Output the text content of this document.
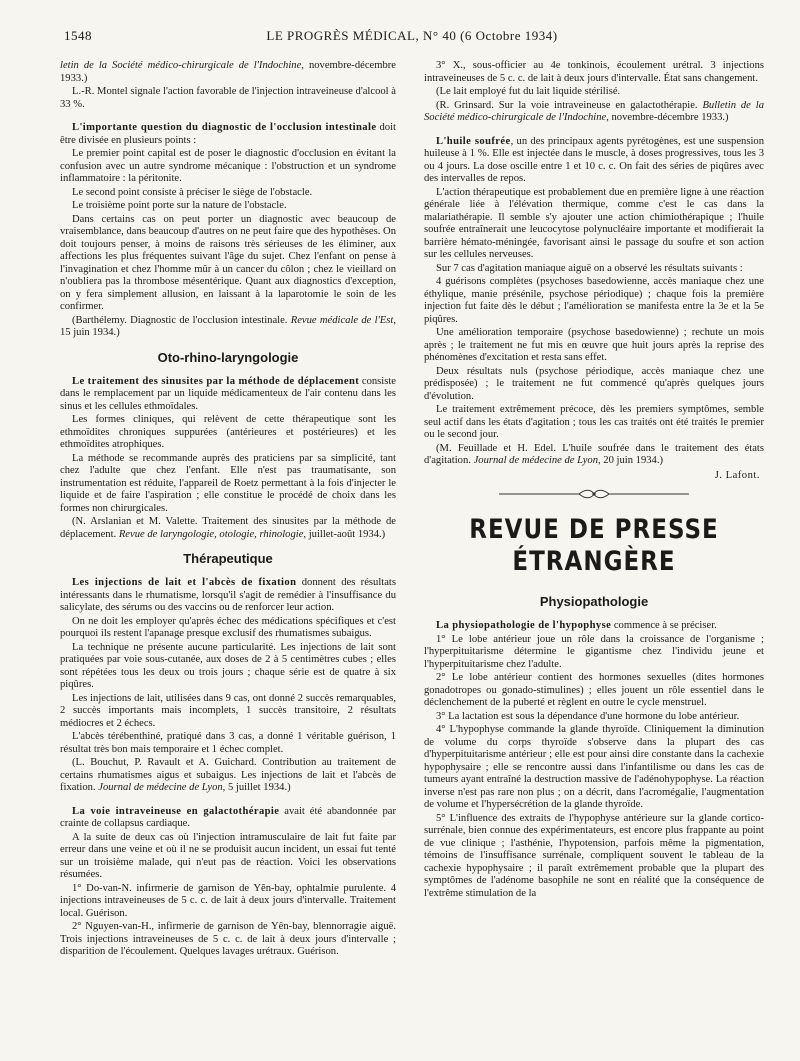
1548	LE PROGRÈS MÉDICAL, N° 40 (6 Octobre 1934)

letin de la Société médico-chirurgicale de l'Indochine, novembre-décembre 1933.)

L.-R. Montel signale l'action favorable de l'injection intraveineuse d'alcool à 33 %.

L'importante question du diagnostic de l'occlusion intestinale doit être divisée en plusieurs points :

Le premier point capital est de poser le diagnostic d'occlusion en évitant la confusion avec un autre syndrome mécanique : l'obstruction et un syndrome inflammatoire : la péritonite.

Le second point consiste à préciser le siège de l'obstacle.

Le troisième point porte sur la nature de l'obstacle.

Dans certains cas on peut porter un diagnostic avec beaucoup de vraisemblance, dans beaucoup d'autres on ne peut faire que des hypothèses. On doit toujours penser, à moins de raisons très sérieuses de les éliminer, aux affections les plus fréquentes suivant l'âge du sujet. Chez l'enfant on pense à l'invagination et chez l'homme mûr à un cancer du côlon ; chez le vieillard on n'oubliera pas la thrombose mésentérique. Quant aux diagnostics d'exception, on y fera simplement allusion, en laissant à la laparotomie le soin de les confirmer.

(Barthélemy. Diagnostic de l'occlusion intestinale. Revue médicale de l'Est, 15 juin 1934.)

Oto-rhino-laryngologie

Le traitement des sinusites par la méthode de déplacement consiste dans le remplacement par un liquide médicamenteux de l'air contenu dans les sinus et les cellules ethmoïdales.

Les formes cliniques, qui relèvent de cette thérapeutique sont les ethmoïdites chroniques suppurées (antérieures et postérieures) et les ethmoïdites atrophiques.

La méthode se recommande auprès des praticiens par sa simplicité, tant chez l'adulte que chez l'enfant. Elle n'est pas traumatisante, son instrumentation est réduite, l'appareil de Roetz permettant à la fois d'injecter le liquide et de faire l'aspiration ; elle constitue le procédé de choix dans les formes non chirurgicales.

(N. Arslanian et M. Valette. Traitement des sinusites par la méthode de déplacement. Revue de laryngologie, otologie, rhinologie, juillet-août 1934.)

Thérapeutique

Les injections de lait et l'abcès de fixation donnent des résultats intéressants dans le rhumatisme, lorsqu'il s'agit de remédier à l'insuffisance du salicylate, des sérums ou des vaccins ou de renforcer leur action.

On ne doit les employer qu'après échec des médications spécifiques et c'est pourquoi ils restent l'apanage presque exclusif des rhumatismes subaigus.

La technique ne présente aucune particularité. Les injections de lait sont pratiquées par voie sous-cutanée, aux doses de 2 à 5 centimètres cubes ; elles sont répétées tous les deux ou trois jours ; chaque série est de quatre à six piqûres.

Les injections de lait, utilisées dans 9 cas, ont donné 2 succès remarquables, 2 succès importants mais incomplets, 1 succès transitoire, 2 résultats médiocres et 2 échecs.

L'abcès térébenthiné, pratiqué dans 3 cas, a donné 1 véritable guérison, 1 résultat très bon mais temporaire et 1 échec complet.

(L. Bouchut, P. Ravault et A. Guichard. Contribution au traitement de certains rhumatismes aigus et subaigus. Les injections de lait et l'abcès de fixation. Journal de médecine de Lyon, 5 juillet 1934.)

La voie intraveineuse en galactothérapie avait été abandonnée par crainte de collapsus cardiaque.

A la suite de deux cas où l'injection intramusculaire de lait fut faite par erreur dans une veine et où il ne se produisit aucun incident, un essai fut tenté sur un troisième malade, qui n'eut pas de réaction. Voici les observations résumées.

1° Do-van-N. infirmerie de garnison de Yên-bay, ophtalmie purulente. 4 injections intraveineuses de 5 c. c. de lait à deux jours d'intervalle. Traitement local. Guérison.

2° Nguyen-van-H., infirmerie de garnison de Yên-bay, blennorragie aiguë. Trois injections intraveineuses de 5 c. c. de lait à deux jours d'intervalle ; disparition de l'écoulement. Quelques lavages urétraux. Guérison.

3° X., sous-officier au 4e tonkinois, écoulement urétral. 3 injections intraveineuses de 5 c. c. de lait à deux jours d'intervalle. État sans changement.

(Le lait employé fut du lait liquide stérilisé.

(R. Grinsard. Sur la voie intraveineuse en galactothérapie. Bulletin de la Société médico-chirurgicale de l'Indochine, novembre-décembre 1933.)

L'huile soufrée, un des principaux agents pyrétogènes, est une suspension huileuse à 1 %. Elle est injectée dans le muscle, à doses progressives, tous les 3 ou 4 jours. La dose oscille entre 1 et 10 c. c. On fait des séries de piqûres avec des intervalles de repos.

L'action thérapeutique est probablement due en première ligne à une réaction générale liée à l'élévation thermique, comme c'est le cas dans la malariathérapie. Il semble s'y ajouter une action chimiothérapique ; l'huile soufrée entraînerait une leucocytose polynucléaire importante et modifierait la barrière hémato-méningée, favorisant ainsi le passage du soufre et son action sur les cellules nerveuses.

Sur 7 cas d'agitation maniaque aiguë on a observé les résultats suivants :

4 guérisons complètes (psychoses basedowienne, accès maniaque chez une éthylique, manie présénile, psychose périodique) ; chaque fois la première injection fut faite dès le début ; l'amélioration se manifesta entre la 3e et la 5e piqûres.

Une amélioration temporaire (psychose basedowienne) ; rechute un mois après ; le traitement ne fut mis en œuvre que huit jours après la reprise des phénomènes d'excitation et resta sans effet.

Deux résultats nuls (psychose périodique, accès maniaque chez une prédisposée) ; le traitement ne fut commencé qu'après quelques jours d'évolution.

Le traitement extrêmement précoce, dès les premiers symptômes, semble seul actif dans les états d'agitation ; tous les cas traités ont été traités le premier ou le second jour.

(M. Feuillade et H. Edel. L'huile soufrée dans le traitement des états d'agitation. Journal de médecine de Lyon, 20 juin 1934.)

J. Lafont.
REVUE DE PRESSE ÉTRANGÈRE
Physiopathologie

La physiopathologie de l'hypophyse commence à se préciser.

1° Le lobe antérieur joue un rôle dans la croissance de l'organisme ; l'hyperpituitarisme détermine le gigantisme chez l'individu jeune et l'hyperpituitarisme chez l'adulte.

2° Le lobe antérieur contient des hormones sexuelles (dites hormones gonadotropes ou gonado-stimulines) ; elles jouent un rôle essentiel dans le déclenchement de la puberté et règlent en outre le cycle menstruel.

3° La lactation est sous la dépendance d'une hormone du lobe antérieur.

4° L'hypophyse commande la glande thyroïde. Cliniquement la diminution de volume du corps thyroïde s'observe dans la plupart des cas d'hyperpituitarisme antérieur ; elle est pour ainsi dire constante dans la cachexie hypophysaire ; elle se rencontre aussi dans l'infantilisme ou dans les cas de tumeurs ayant entraîné la destruction massive de l'adénohypophyse. La réaction inverse n'est pas rare non plus ; on a décrit, dans l'acromégalie, l'augmentation de volume et l'hypersécrétion de la glande thyroïde.

5° L'influence des extraits de l'hypophyse antérieure sur la glande cortico-surrénale, bien connue des expérimentateurs, est encore plus frappante au point de vue clinique ; l'asthénie, l'hypotension, parfois même la pigmentation, témoins de l'insuffisance surrénale, compliquent souvent le tableau de la cachexie hypophysaire ; il paraît extrêmement probable que la plupart des symptômes de l'adénome basophile ne sont en réalité que la conséquence de l'extrême stimulation de la
